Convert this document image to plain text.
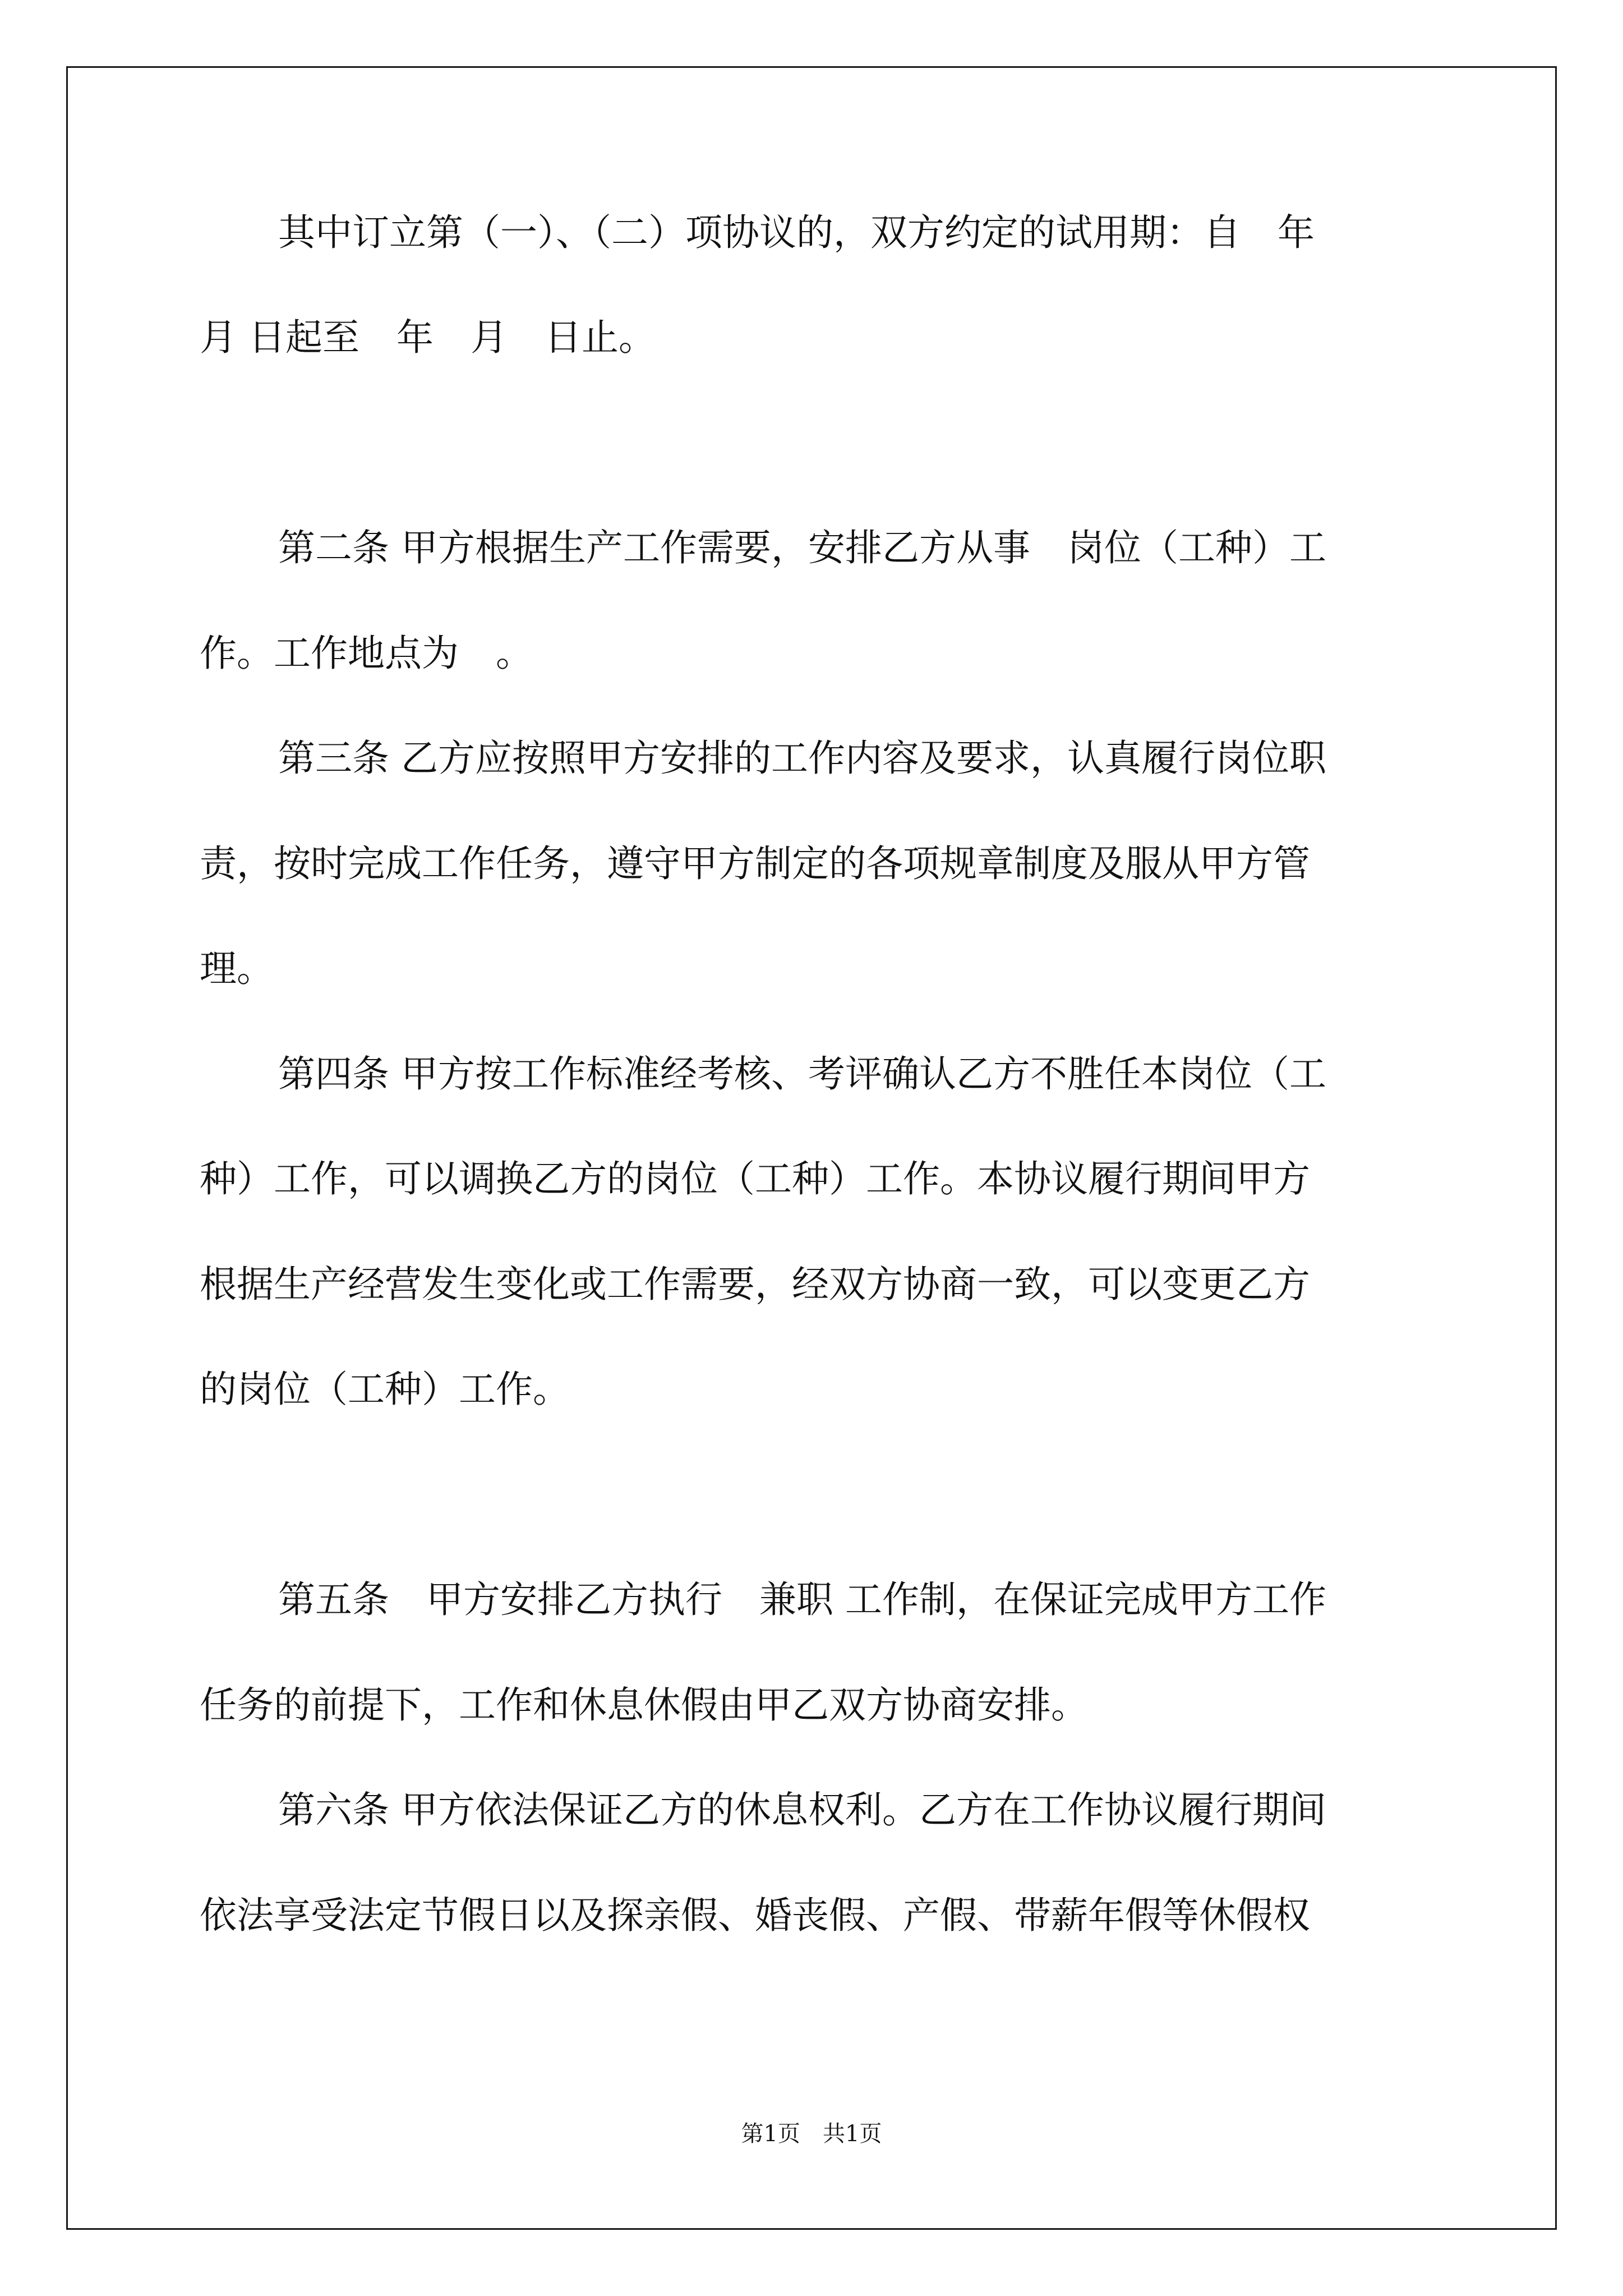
其中订立第（一）、（二）项协议的，双方约定的试用期：自　年
月 日起至　年　月　日止。
第二条 甲方根据生产工作需要，安排乙方从事　岗位（工种）工
作。工作地点为　。
第三条 乙方应按照甲方安排的工作内容及要求，认真履行岗位职
责，按时完成工作任务，遵守甲方制定的各项规章制度及服从甲方管
理。
第四条 甲方按工作标准经考核、考评确认乙方不胜任本岗位（工
种）工作，可以调换乙方的岗位（工种）工作。本协议履行期间甲方
根据生产经营发生变化或工作需要，经双方协商一致，可以变更乙方
的岗位（工种）工作。
第五条　甲方安排乙方执行　兼职 工作制，在保证完成甲方工作
任务的前提下，工作和休息休假由甲乙双方协商安排。
第六条 甲方依法保证乙方的休息权利。乙方在工作协议履行期间
依法享受法定节假日以及探亲假、婚丧假、产假、带薪年假等休假权
第1页　共1页
